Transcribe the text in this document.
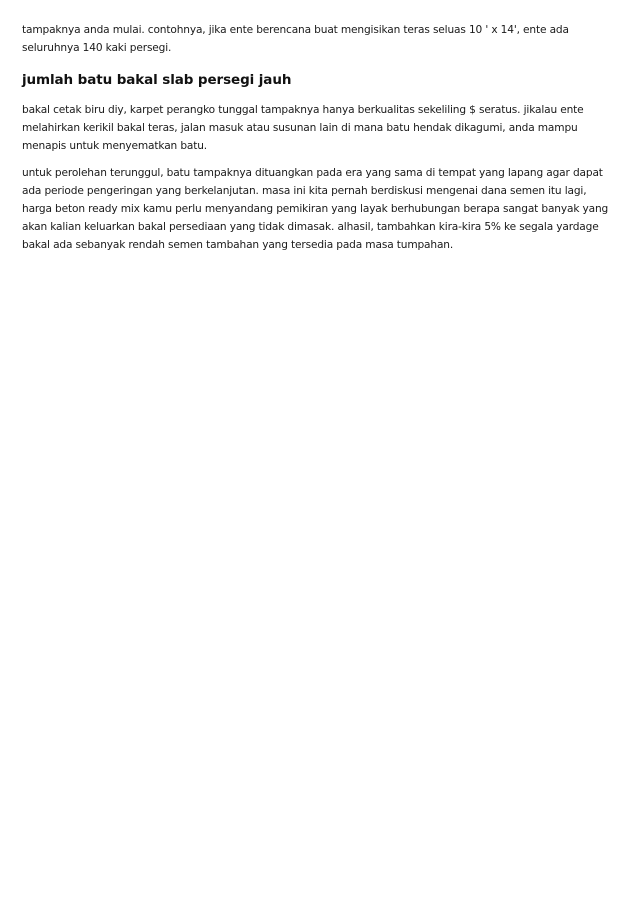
tampaknya anda mulai. contohnya, jika ente berencana buat mengisikan teras seluas 10 ' x 14', ente ada seluruhnya 140 kaki persegi.

jumlah batu bakal slab persegi jauh

bakal cetak biru diy, karpet perangko tunggal tampaknya hanya berkualitas sekeliling $ seratus. jikalau ente melahirkan kerikil bakal teras, jalan masuk atau susunan lain di mana batu hendak dikagumi, anda mampu menapis untuk menyematkan batu.

untuk perolehan terunggul, batu tampaknya dituangkan pada era yang sama di tempat yang lapang agar dapat ada periode pengeringan yang berkelanjutan. masa ini kita pernah berdiskusi mengenai dana semen itu lagi, harga beton ready mix kamu perlu menyandang pemikiran yang layak berhubungan berapa sangat banyak yang akan kalian keluarkan bakal persediaan yang tidak dimasak. alhasil, tambahkan kira-kira 5% ke segala yardage bakal ada sebanyak rendah semen tambahan yang tersedia pada masa tumpahan.
